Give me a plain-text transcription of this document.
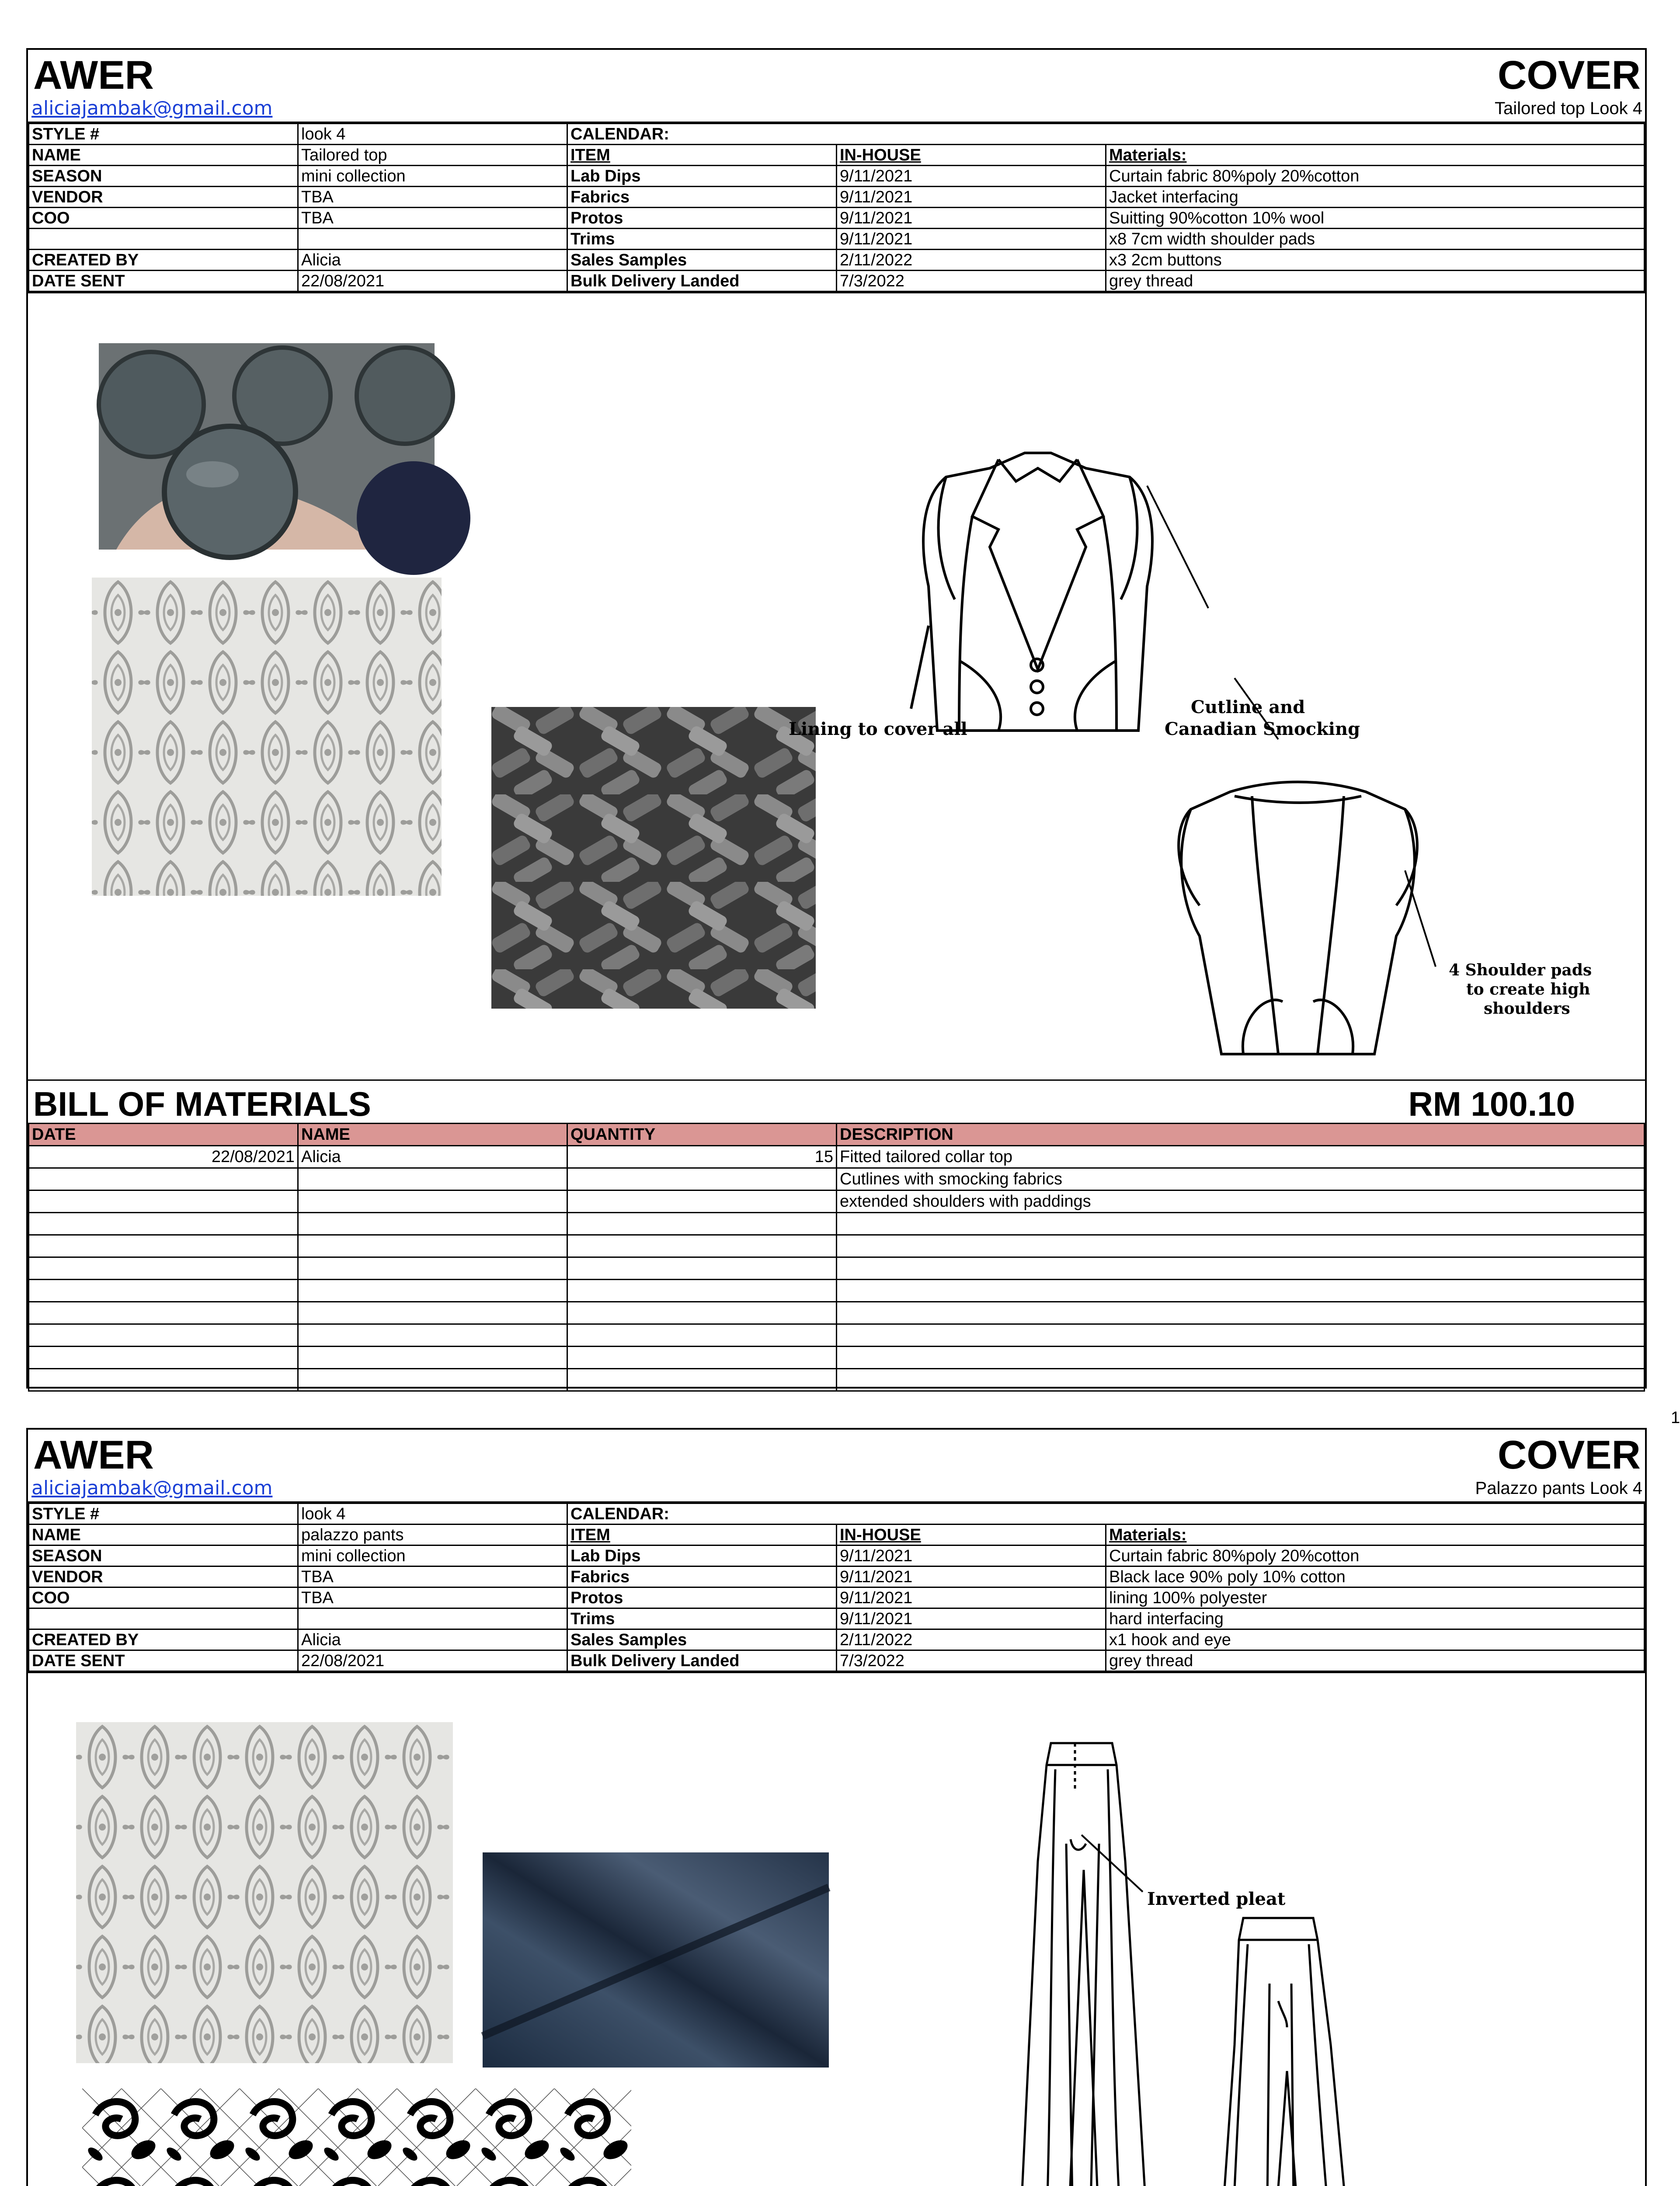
AWER
aliciajambak@gmail.com
COVER
Tailored top Look 4
STYLE #	look 4	CALENDAR:		
NAME	Tailored top	ITEM	IN-HOUSE	Materials:
SEASON	mini collection	Lab Dips	9/11/2021	Curtain fabric 80%poly 20%cotton
VENDOR	TBA	Fabrics	9/11/2021	Jacket interfacing
COO	TBA	Protos	9/11/2021	Suitting 90%cotton 10% wool
		Trims	9/11/2021	x8 7cm width shoulder pads
CREATED BY	Alicia	Sales Samples	2/11/2022	x3 2cm buttons
DATE SENT	22/08/2021	Bulk Delivery Landed	7/3/2022	grey thread
Lining to cover all
Cutline and
Canadian Smocking
4 Shoulder pads
to create high
shoulders
BILL OF MATERIALS	RM 100.10
DATE	NAME	QUANTITY	DESCRIPTION
22/08/2021	Alicia	15	Fitted tailored collar top
			Cutlines with smocking fabrics
			extended shoulders with paddings

1
AWER
aliciajambak@gmail.com
COVER
Palazzo pants Look 4
STYLE #	look 4	CALENDAR:		
NAME	palazzo pants	ITEM	IN-HOUSE	Materials:
SEASON	mini collection	Lab Dips	9/11/2021	Curtain fabric 80%poly 20%cotton
VENDOR	TBA	Fabrics	9/11/2021	Black lace 90% poly 10% cotton
COO	TBA	Protos	9/11/2021	lining 100% polyester
		Trims	9/11/2021	hard interfacing
CREATED BY	Alicia	Sales Samples	2/11/2022	x1 hook and eye
DATE SENT	22/08/2021	Bulk Delivery Landed	7/3/2022	grey thread
Inverted pleat
